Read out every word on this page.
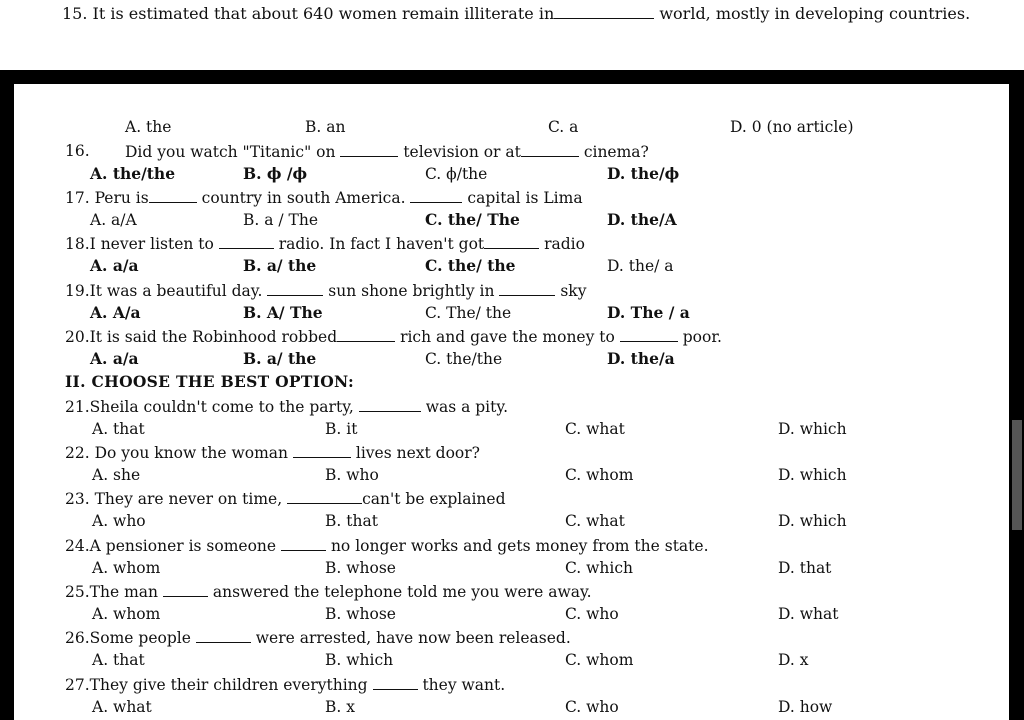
15. It is estimated that about 640 women remain illiterate in	world, mostly in developing countries.
A. the	B. an	C. a	D. 0 (no article)
16. Did you watch "Titanic" on	television or at	cinema?
A. the/the	B. ϕ /ϕ	C. ϕ/the	D. the/ϕ
17. Peru is	country in south America.	capital is Lima
A. a/A	B. a / The	C. the/ The	D. the/A
18.I never listen to	radio. In fact I haven't got	radio
A. a/a	B. a/ the	C. the/ the	D. the/ a
19.It was a beautiful day.	sun shone brightly in	sky
A. A/a	B. A/ The	C. The/ the	D. The / a
20.It is said the Robinhood robbed	rich and gave the money to	poor.
A. a/a	B. a/ the	C. the/the	D. the/a
II. CHOOSE THE BEST OPTION:
21.Sheila couldn't come to the party,	was a pity.
A. that	B. it	C. what	D. which
22. Do you know the woman	lives next door?
A. she	B. who	C. whom	D. which
23. They are never on time,	can't be explained
A. who	B. that	C. what	D. which
24.A pensioner is someone	no longer works and gets money from the state.
A. whom	B. whose	C. which	D. that
25.The man	answered the telephone told me you were away.
A. whom	B. whose	C. who	D. what
26.Some people	were arrested, have now been released.
A. that	B. which	C. whom	D. x
27.They give their children everything	they want.
A. what	B. x	C. who	D. how
